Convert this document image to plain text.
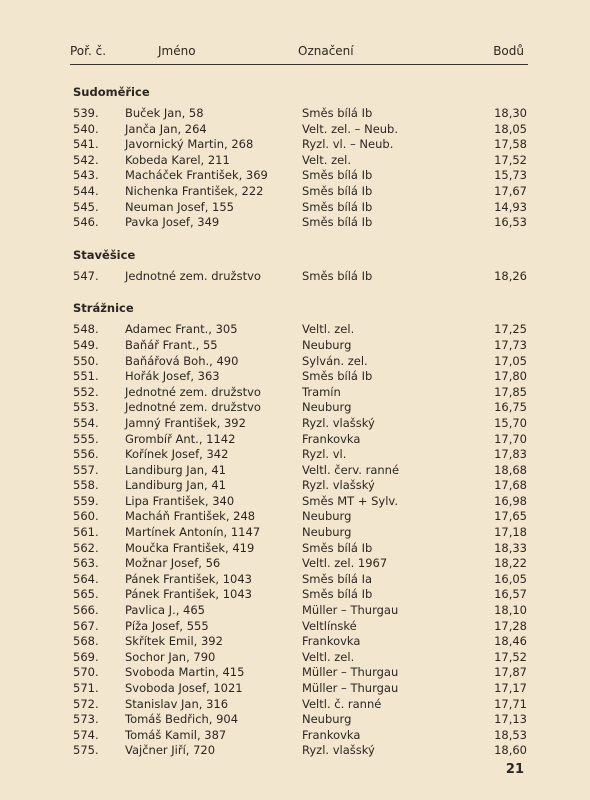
Poř. č.	Jméno	Označení	Bodů
Sudoměřice
539. Buček Jan, 58	Směs bílá Ib	18,30
540. Janča Jan, 264	Velt. zel. – Neub.	18,05
541. Javornický Martin, 268	Ryzl. vl. – Neub.	17,58
542. Kobeda Karel, 211	Velt. zel.	17,52
543. Macháček František, 369	Směs bílá Ib	15,73
544. Nichenka František, 222	Směs bílá Ib	17,67
545. Neuman Josef, 155	Směs bílá Ib	14,93
546. Pavka Josef, 349	Směs bílá Ib	16,53
Stavěšice
547. Jednotné zem. družstvo	Směs bílá Ib	18,26
Strážnice
548. Adamec Frant., 305	Veltl. zel.	17,25
549. Baňář Frant., 55	Neuburg	17,73
550. Baňářová Boh., 490	Sylván. zel.	17,05
551. Hořák Josef, 363	Směs bílá Ib	17,80
552. Jednotné zem. družstvo	Tramín	17,85
553. Jednotné zem. družstvo	Neuburg	16,75
554. Jamný František, 392	Ryzl. vlašský	15,70
555. Grombíř Ant., 1142	Frankovka	17,70
556. Kořínek Josef, 342	Ryzl. vl.	17,83
557. Landiburg Jan, 41	Veltl. červ. ranné	18,68
558. Landiburg Jan, 41	Ryzl. vlašský	17,68
559. Lipa František, 340	Směs MT + Sylv.	16,98
560. Macháň František, 248	Neuburg	17,65
561. Martínek Antonín, 1147	Neuburg	17,18
562. Moučka František, 419	Směs bílá Ib	18,33
563. Možnar Josef, 56	Veltl. zel. 1967	18,22
564. Pánek František, 1043	Směs bílá Ia	16,05
565. Pánek František, 1043	Směs bílá Ib	16,57
566. Pavlica J., 465	Müller – Thurgau	18,10
567. Píža Josef, 555	Veltlínské	17,28
568. Skřítek Emil, 392	Frankovka	18,46
569. Sochor Jan, 790	Veltl. zel.	17,52
570. Svoboda Martin, 415	Müller – Thurgau	17,87
571. Svoboda Josef, 1021	Müller – Thurgau	17,17
572. Stanislav Jan, 316	Veltl. č. ranné	17,71
573. Tomáš Bedřich, 904	Neuburg	17,13
574. Tomáš Kamil, 387	Frankovka	18,53
575. Vajčner Jiří, 720	Ryzl. vlašský	18,60
21
